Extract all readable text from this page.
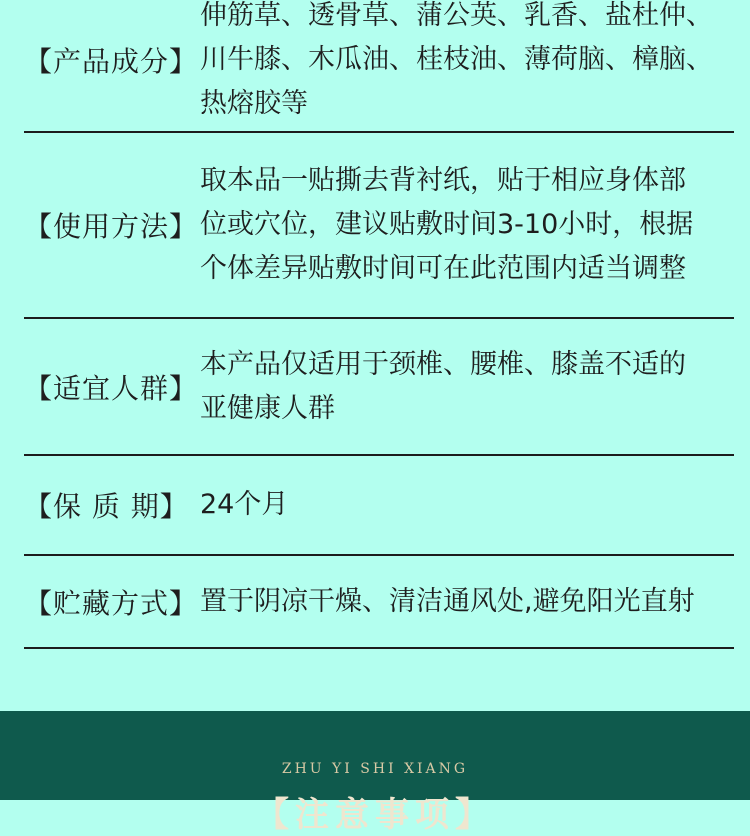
【产品成分】
伸筋草、透骨草、蒲公英、乳香、盐杜仲、
川牛膝、木瓜油、桂枝油、薄荷脑、樟脑、
热熔胶等
【使用方法】
取本品一贴撕去背衬纸，贴于相应身体部
位或穴位，建议贴敷时间3-10小时，根据
个体差异贴敷时间可在此范围内适当调整
【适宜人群】
本产品仅适用于颈椎、腰椎、膝盖不适的
亚健康人群
【保 质 期】 24个月
【贮藏方式】 置于阴凉干燥、清洁通风处,避免阳光直射
ZHU YI SHI XIANG
【注意事项】
